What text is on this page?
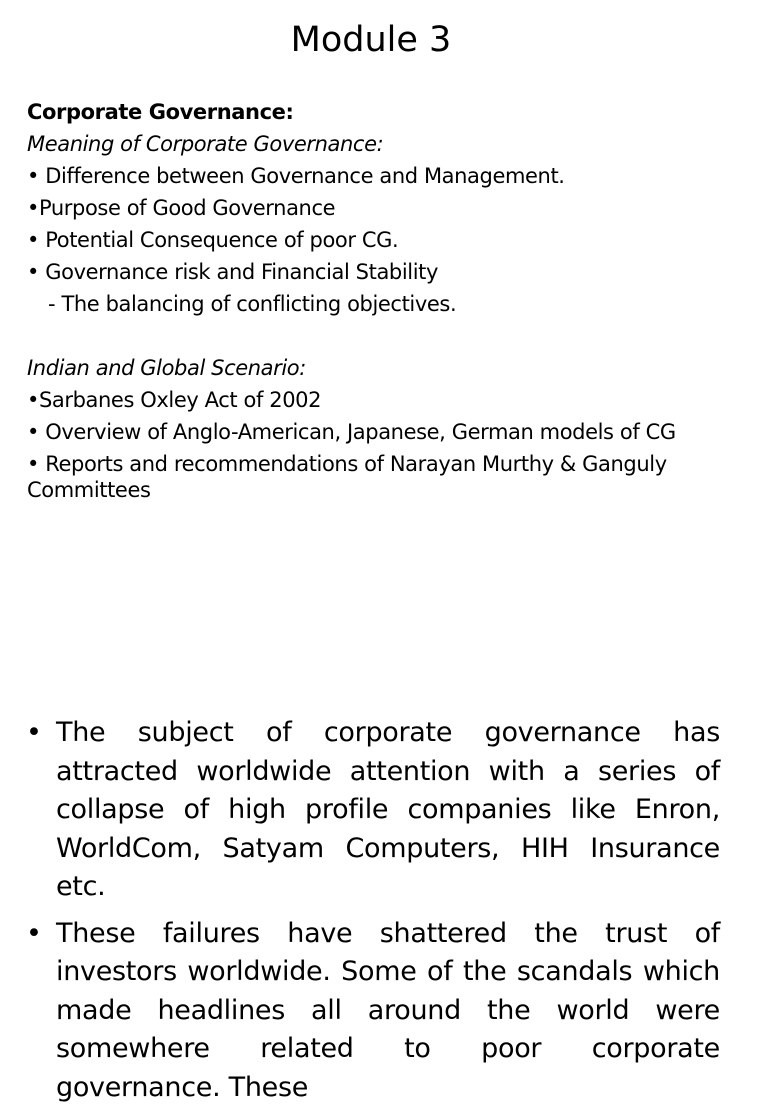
Module 3
Corporate Governance:
Meaning of Corporate Governance:
• Difference between Governance and Management.
•Purpose of Good Governance
• Potential Consequence of poor CG.
• Governance risk and Financial Stability
- The balancing of conflicting objectives.
Indian and Global Scenario:
•Sarbanes Oxley Act of 2002
• Overview of Anglo-American, Japanese, German models of CG
• Reports and recommendations of Narayan Murthy & Ganguly Committees
• The subject of corporate governance has attracted worldwide attention with a series of collapse of high profile companies like Enron, WorldCom, Satyam Computers, HIH Insurance etc.
• These failures have shattered the trust of investors worldwide. Some of the scandals which made headlines all around the world were somewhere related to poor corporate governance. These
